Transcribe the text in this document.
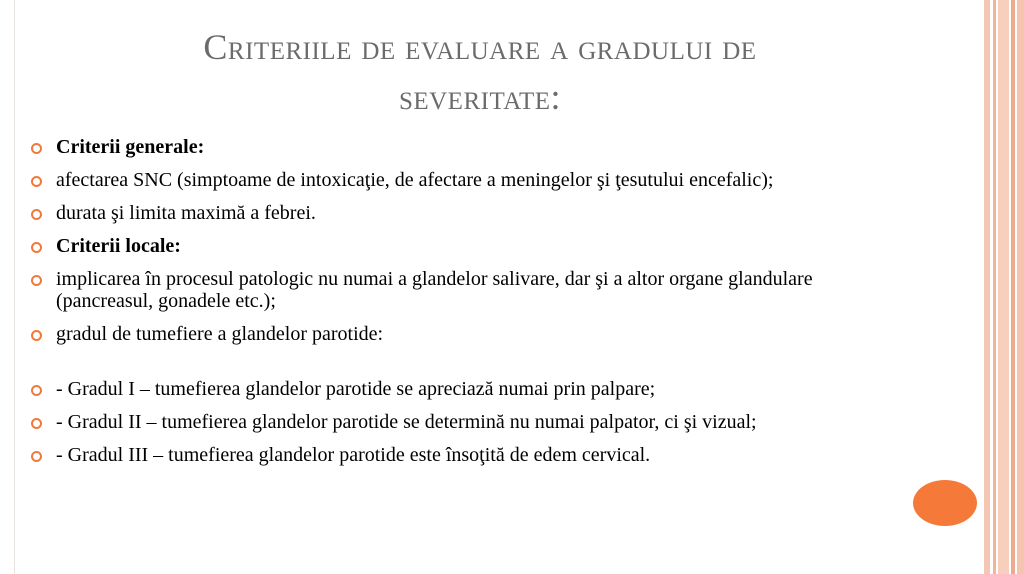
Criteriile de evaluare a gradului de
severitate:
Criterii generale:
afectarea SNC (simptoame de intoxicaţie, de afectare a meningelor şi ţesutului encefalic);
durata şi limita maximă a febrei.
Criterii locale:
implicarea în procesul patologic nu numai a glandelor salivare, dar şi a altor organe glandulare (pancreasul, gonadele etc.);
gradul de tumefiere a glandelor parotide:
- Gradul I – tumefierea glandelor parotide se apreciază numai prin palpare;
- Gradul II – tumefierea glandelor parotide se determină nu numai palpator, ci şi vizual;
- Gradul III – tumefierea glandelor parotide este însoţită de edem cervical.
